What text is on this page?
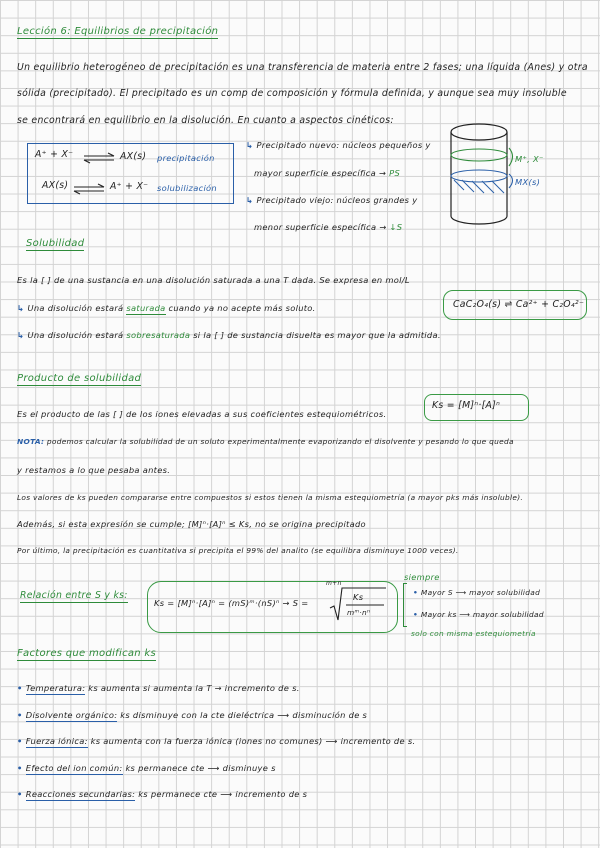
Lección 6: Equilibrios de precipitación
Un equilibrio heterogéneo de precipitación es una transferencia de materia entre 2 fases; una líquida (Anes) y otra
sólida (precipitado). El precipitado es un comp de composición y fórmula definida, y aunque sea muy insoluble
se encontrará en equilibrio en la disolución. En cuanto a aspectos cinéticos:
A⁺ + X⁻ ⇌ AX(s) precipitación
AX(s) ⇌ A⁺ + X⁻ solubilización
↳ Precipitado nuevo: núcleos pequeños y
mayor superficie específica → PS
↳ Precipitado viejo: núcleos grandes y
menor superficie específica → ↓S
M⁺, X⁻
MX(s)
Solubilidad
Es la [ ] de una sustancia en una disolución saturada a una T dada. Se expresa en mol/L
↳ Una disolución estará saturada cuando ya no acepte más soluto.
↳ Una disolución estará sobresaturada si la [ ] de sustancia disuelta es mayor que la admitida.
CaC₂O₄(s) ⇌ Ca²⁺ + C₂O₄²⁻
Producto de solubilidad
Ks = [M]ⁿ·[A]ⁿ
Es el producto de las [ ] de los iones elevadas a sus coeficientes estequiométricos.
NOTA: podemos calcular la solubilidad de un soluto experimentalmente evaporizando el disolvente y pesando lo que queda
y restamos a lo que pesaba antes.
Los valores de ks pueden compararse entre compuestos si estos tienen la misma estequiometría (a mayor pks más insoluble).
Además, si esta expresión se cumple; [M]ⁿ·[A]ⁿ ≤ Ks, no se origina precipitado
Por último, la precipitación es cuantitativa si precipita el 99% del analito (se equilibra disminuye 1000 veces).
Relación entre S y ks:
Ks = [M]ⁿ·[A]ⁿ = (mS)ᵐ·(nS)ⁿ → S =
m+n
Ks
mᵐ·nⁿ
siempre
• Mayor S ⟶ mayor solubilidad
• Mayor ks ⟶ mayor solubilidad
solo con misma estequiometría
Factores que modifican ks
• Temperatura: ks aumenta si aumenta la T → incremento de s.
• Disolvente orgánico: ks disminuye con la cte dieléctrica ⟶ disminución de s
• Fuerza iónica: ks aumenta con la fuerza iónica (iones no comunes) ⟶ incremento de s.
• Efecto del ion común: ks permanece cte ⟶ disminuye s
• Reacciones secundarias: ks permanece cte ⟶ incremento de s
